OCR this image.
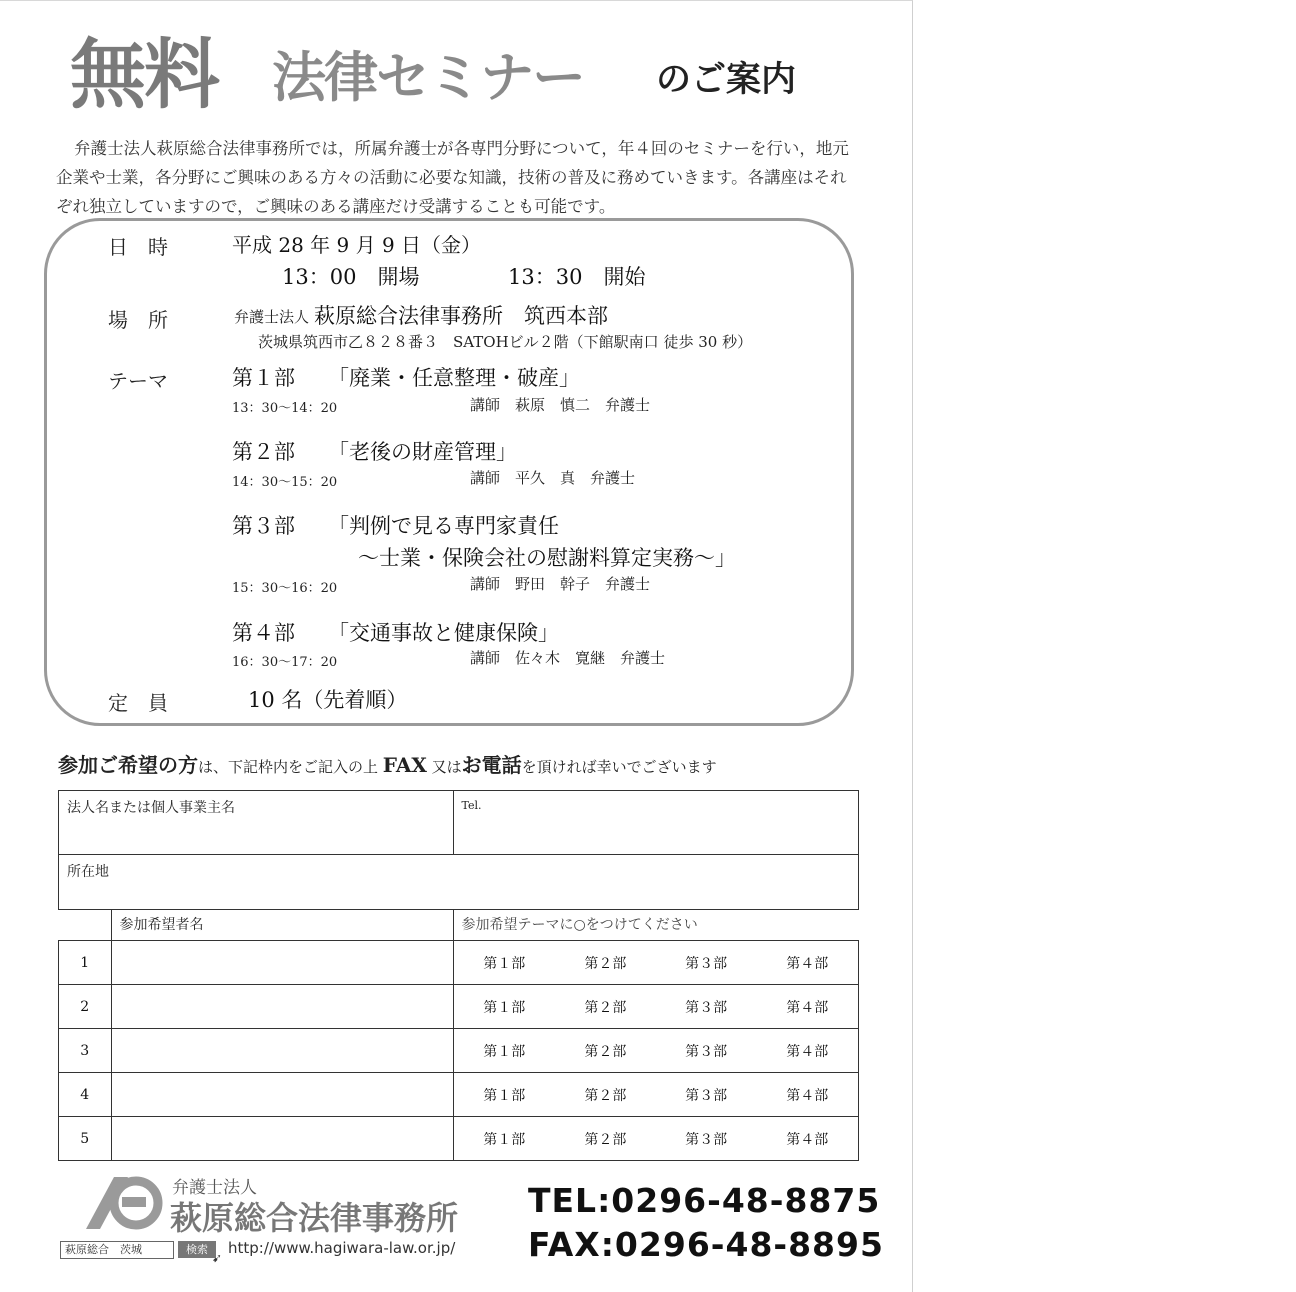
無料 法律セミナー のご案内
弁護士法人萩原総合法律事務所では，所属弁護士が各専門分野について，年４回のセミナーを行い，地元企業や士業，各分野にご興味のある方々の活動に必要な知識，技術の普及に務めていきます。各講座はそれぞれ独立していますので，ご興味のある講座だけ受講することも可能です。
日　時	平成 28 年 9 月 9 日（金）
13：00　開場	13：30　開始
場　所	弁護士法人 萩原総合法律事務所　筑西本部
茨城県筑西市乙８２８番３　SATOHビル２階（下館駅南口 徒歩 30 秒）
テーマ	第１部 「廃業・任意整理・破産」
13：30〜14：20	講師　萩原　慎二　弁護士
第２部 「老後の財産管理」
14：30〜15：20	講師　平久　真　弁護士
第３部 「判例で見る専門家責任
〜士業・保険会社の慰謝料算定実務〜」
15：30〜16：20	講師　野田　幹子　弁護士
第４部 「交通事故と健康保険」
16：30〜17：20	講師　佐々木　寛継　弁護士
定　員	10 名（先着順）
参加ご希望の方は、下記枠内をご記入の上 FAX 又はお電話を頂ければ幸いでございます
法人名または個人事業主名		Tel.			
所在地					
	参加希望者名	参加希望テーマに○をつけてください			
1		第１部	第２部	第３部	第４部
2		第１部	第２部	第３部	第４部
3		第１部	第２部	第３部	第４部
4		第１部	第２部	第３部	第４部
5		第１部	第２部	第３部	第４部
弁護士法人
萩原総合法律事務所
萩原総合　茨城	検索
➹
http://www.hagiwara-law.or.jp/
TEL:0296-48-8875
FAX:0296-48-8895
